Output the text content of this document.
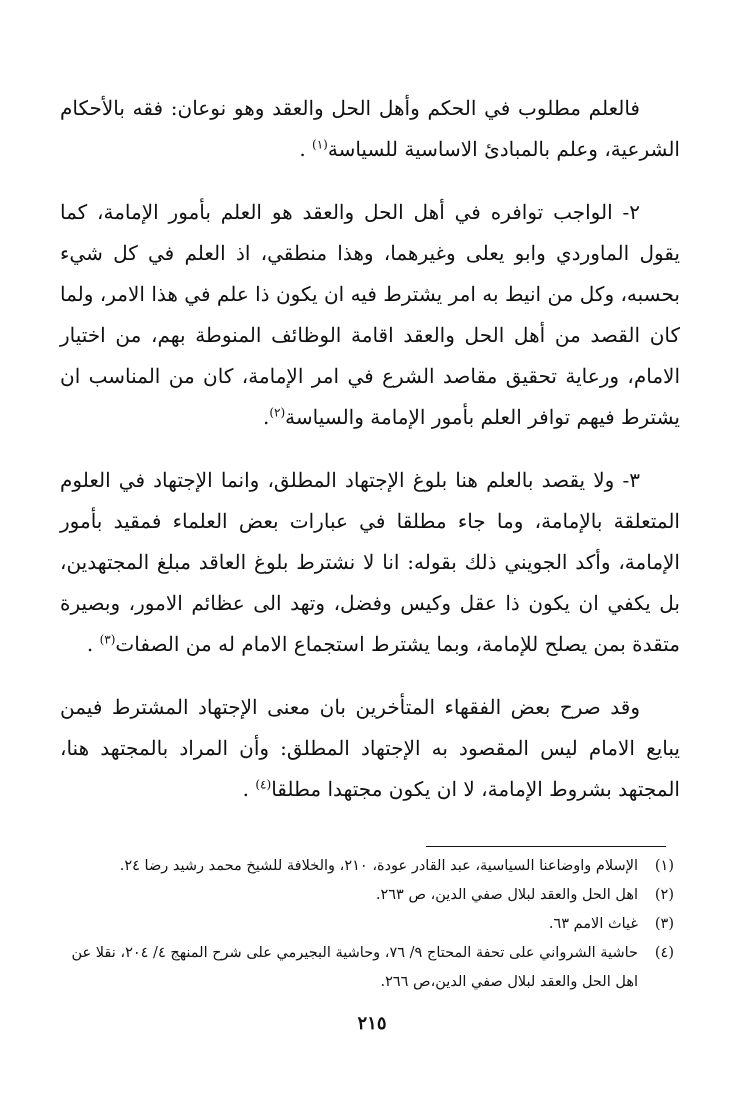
فالعلم مطلوب في الحكم وأهل الحل والعقد وهو نوعان: فقه بالأحكام الشرعية، وعلم بالمبادئ الاساسية للسياسة$^{(١)}$ .

٢- الواجب توافره في أهل الحل والعقد هو العلم بأمور الإمامة، كما يقول الماوردي وابو يعلى وغيرهما، وهذا منطقي، اذ العلم في كل شيء بحسبه، وكل من انيط به امر يشترط فيه ان يكون ذا علم في هذا الامر، ولما كان القصد من أهل الحل والعقد اقامة الوظائف المنوطة بهم، من اختيار الامام، ورعاية تحقيق مقاصد الشرع في امر الإمامة، كان من المناسب ان يشترط فيهم توافر العلم بأمور الإمامة والسياسة$^{(٢)}$.

٣- ولا يقصد بالعلم هنا بلوغ الإجتهاد المطلق، وانما الإجتهاد في العلوم المتعلقة بالإمامة، وما جاء مطلقا في عبارات بعض العلماء فمقيد بأمور الإمامة، وأكد الجويني ذلك بقوله: انا لا نشترط بلوغ العاقد مبلغ المجتهدين، بل يكفي ان يكون ذا عقل وكيس وفضل، وتهد الى عظائم الامور، وبصيرة متقدة بمن يصلح للإمامة، وبما يشترط استجماع الامام له من الصفات$^{(٣)}$ .

وقد صرح بعض الفقهاء المتأخرين بان معنى الإجتهاد المشترط فيمن يبايع الامام ليس المقصود به الإجتهاد المطلق: وأن المراد بالمجتهد هنا، المجتهد بشروط الإمامة، لا ان يكون مجتهدا مطلقا$^{(٤)}$ .

(١)
الإسلام واوضاعنا السياسية، عبد القادر عودة، ٢١٠، والخلافة للشيخ محمد رشيد رضا ٢٤.
(٢)
اهل الحل والعقد لبلال صفي الدين، ص ٢٦٣.
(٣)
غياث الامم ٦٣.
(٤)
حاشية الشرواني على تحفة المحتاج ٩/ ٧٦، وحاشية البجيرمي على شرح المنهج ٤/ ٢٠٤، نقلا عن اهل الحل والعقد لبلال صفي الدين،ص ٢٦٦.
٢١٥
